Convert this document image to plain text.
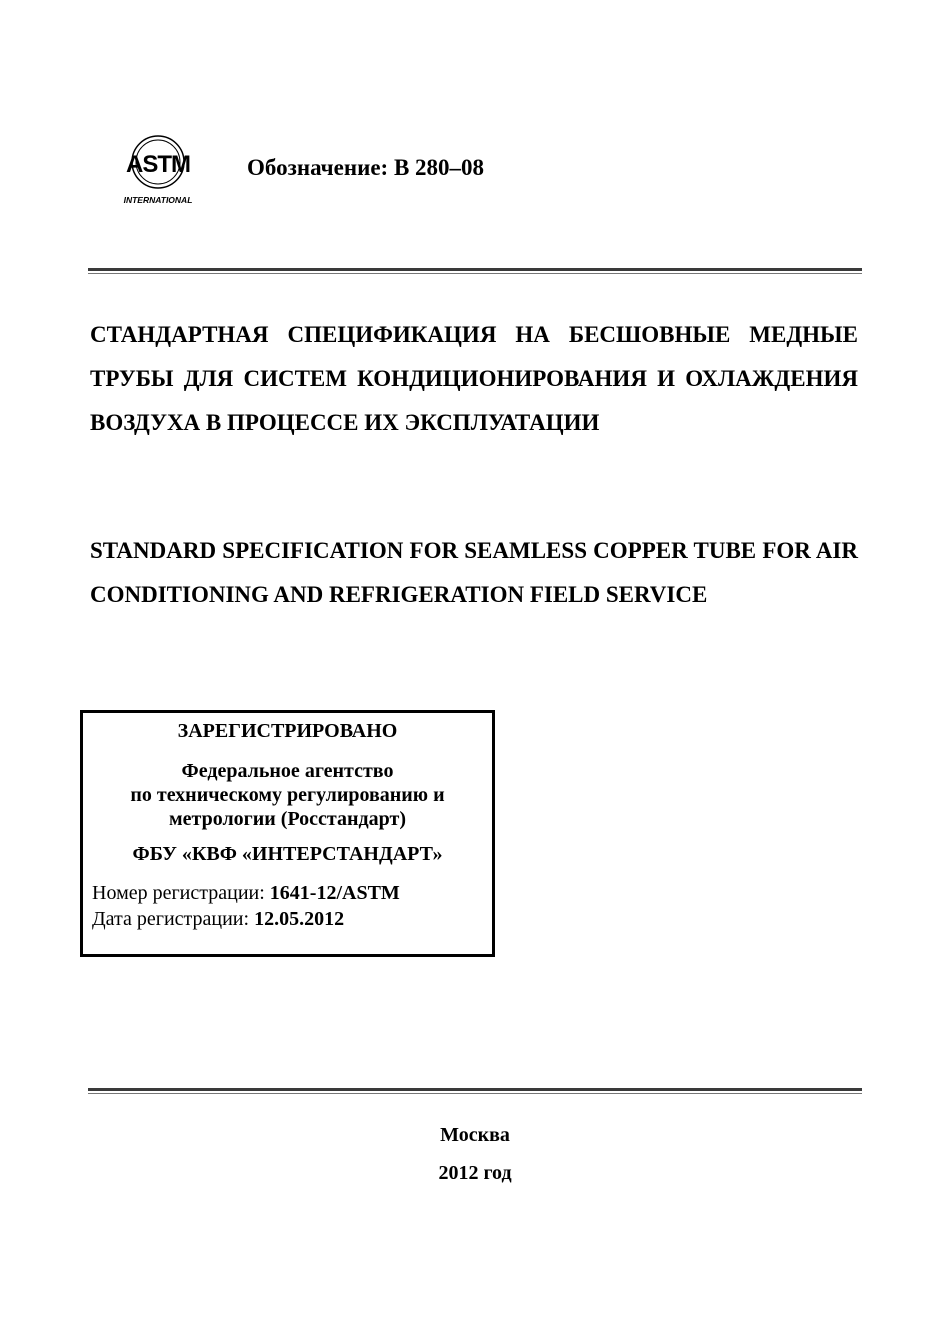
ASTM
INTERNATIONAL
Обозначение: B 280–08
СТАНДАРТНАЯ СПЕЦИФИКАЦИЯ НА БЕСШОВНЫЕ МЕДНЫЕ ТРУБЫ ДЛЯ СИСТЕМ КОНДИЦИОНИРОВАНИЯ И ОХЛАЖДЕНИЯ ВОЗДУХА В ПРОЦЕССЕ ИХ ЭКСПЛУАТАЦИИ
STANDARD SPECIFICATION FOR SEAMLESS COPPER TUBE FOR AIR CONDITIONING AND REFRIGERATION FIELD SERVICE
ЗАРЕГИСТРИРОВАНО
Федеральное агентство
по техническому регулированию и
метрологии (Росстандарт)
ФБУ «КВФ «ИНТЕРСТАНДАРТ»
Номер регистрации: 1641-12/ASTM
Дата регистрации: 12.05.2012
Москва
2012 год
